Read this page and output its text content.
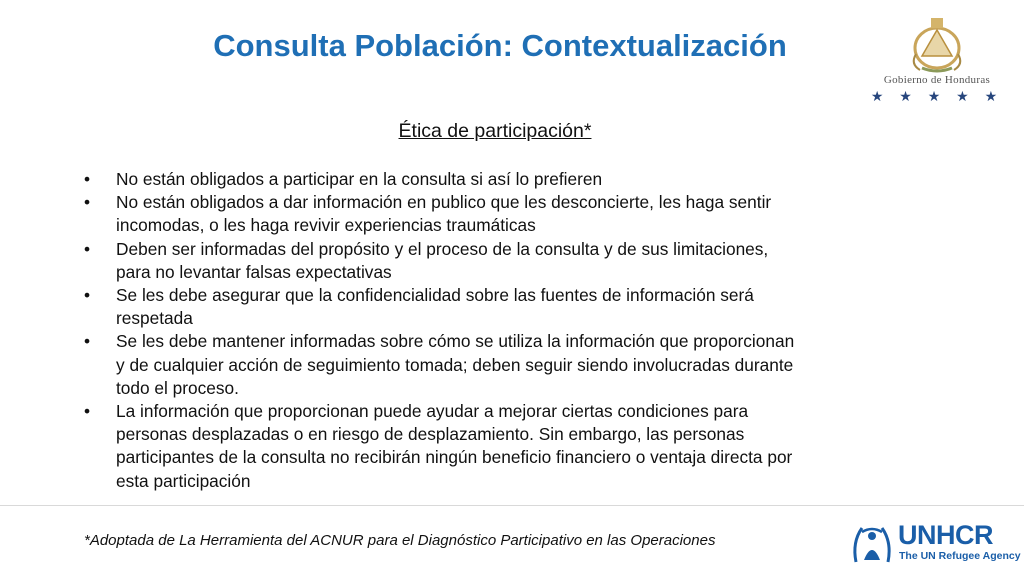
Consulta Población: Contextualización
Gobierno de Honduras
★ ★ ★ ★ ★
Ética de participación*
• No están obligados a participar en la consulta si así lo prefieren
• No están obligados a dar información en publico que les desconcierte, les haga sentir
incomodas, o les haga revivir experiencias traumáticas
• Deben ser informadas del propósito y el proceso de la consulta y de sus limitaciones,
para no levantar falsas expectativas
• Se les debe asegurar que la confidencialidad sobre las fuentes de información será
respetada
• Se les debe mantener informadas sobre cómo se utiliza la información que proporcionan
y de cualquier acción de seguimiento tomada; deben seguir siendo involucradas durante
todo el proceso.
• La información que proporcionan puede ayudar a mejorar ciertas condiciones para
personas desplazadas o en riesgo de desplazamiento. Sin embargo, las personas
participantes de la consulta no recibirán ningún beneficio financiero o ventaja directa por
esta participación
*Adoptada de La Herramienta del ACNUR para el Diagnóstico Participativo en las Operaciones	UNHCR
The UN Refugee Agency
